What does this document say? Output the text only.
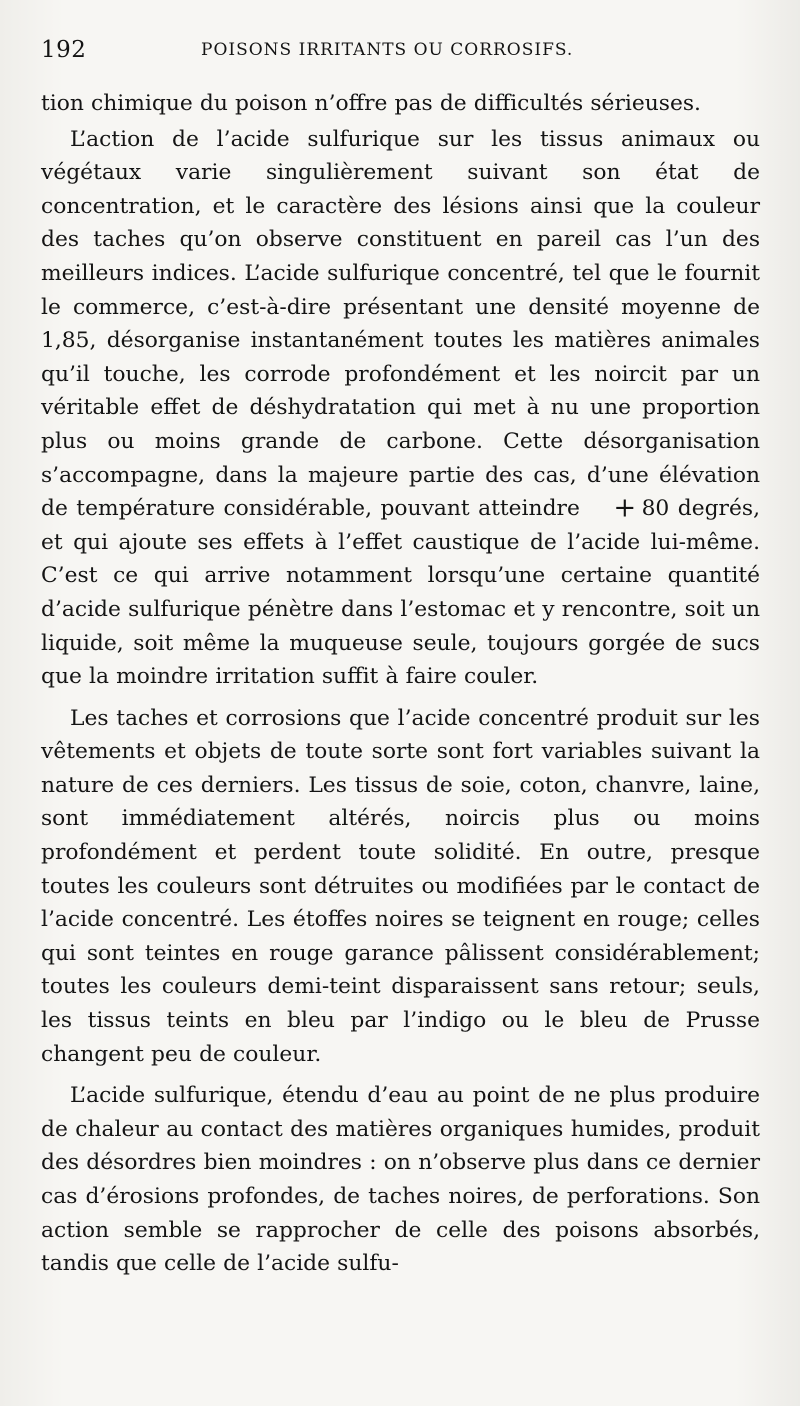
192	POISONS IRRITANTS OU CORROSIFS.

tion chimique du poison n’offre pas de difficultés sérieuses.

L’action de l’acide sulfurique sur les tissus animaux ou végétaux varie singulièrement suivant son état de concentration, et le caractère des lésions ainsi que la couleur des taches qu’on observe constituent en pareil cas l’un des meilleurs indices. L’acide sulfurique concentré, tel que le fournit le commerce, c’est-à-dire présentant une densité moyenne de 1,85, désorganise instantanément toutes les matières animales qu’il touche, les corrode profondément et les noircit par un véritable effet de déshydratation qui met à nu une proportion plus ou moins grande de carbone. Cette désorganisation s’accompagne, dans la majeure partie des cas, d’une élévation de température considérable, pouvant atteindre + 80 degrés, et qui ajoute ses effets à l’effet caustique de l’acide lui-même. C’est ce qui arrive notamment lorsqu’une certaine quantité d’acide sulfurique pénètre dans l’estomac et y rencontre, soit un liquide, soit même la muqueuse seule, toujours gorgée de sucs que la moindre irritation suffit à faire couler.

Les taches et corrosions que l’acide concentré produit sur les vêtements et objets de toute sorte sont fort variables suivant la nature de ces derniers. Les tissus de soie, coton, chanvre, laine, sont immédiatement altérés, noircis plus ou moins profondément et perdent toute solidité. En outre, presque toutes les couleurs sont détruites ou modifiées par le contact de l’acide concentré. Les étoffes noires se teignent en rouge; celles qui sont teintes en rouge garance pâlissent considérablement; toutes les couleurs demi-teint disparaissent sans retour; seuls, les tissus teints en bleu par l’indigo ou le bleu de Prusse changent peu de couleur.

L’acide sulfurique, étendu d’eau au point de ne plus produire de chaleur au contact des matières organiques humides, produit des désordres bien moindres : on n’observe plus dans ce dernier cas d’érosions profondes, de taches noires, de perforations. Son action semble se rapprocher de celle des poisons absorbés, tandis que celle de l’acide sulfu-
